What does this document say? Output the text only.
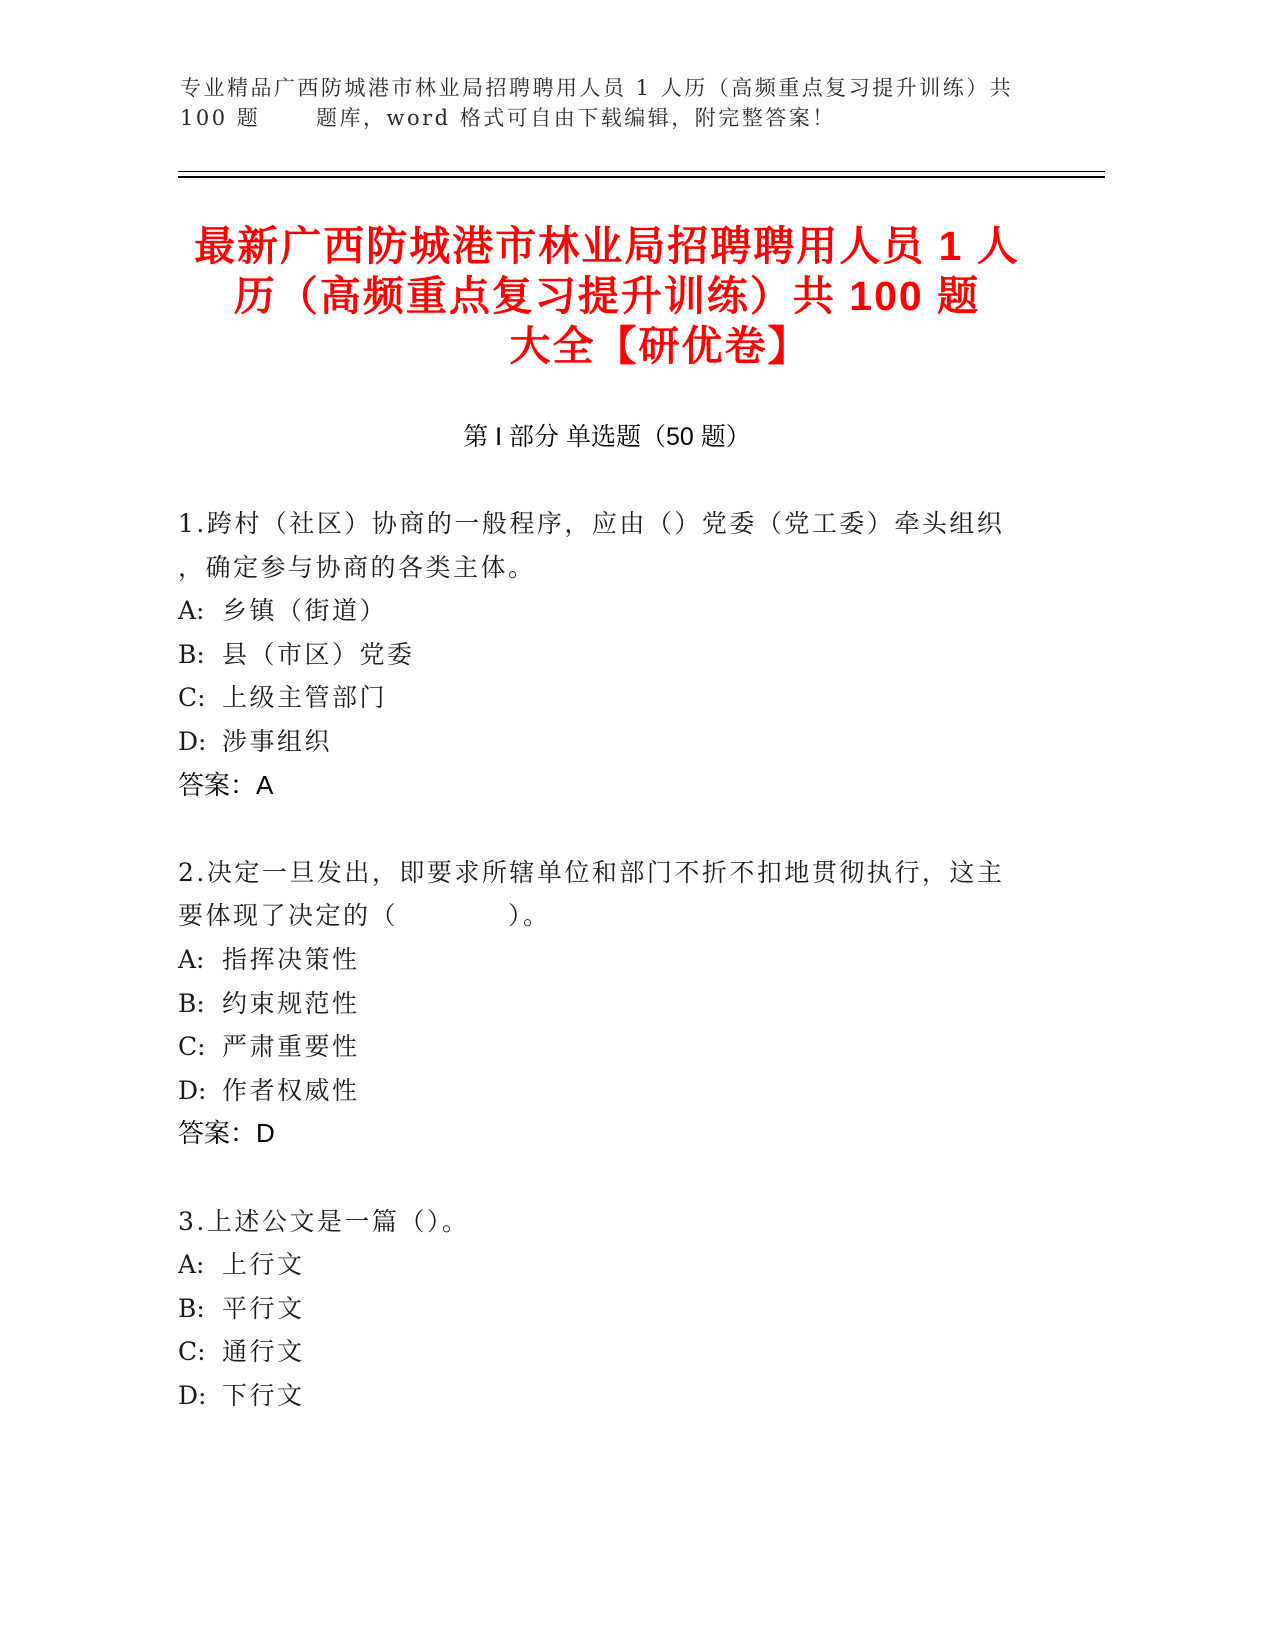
专业精品广西防城港市林业局招聘聘用人员 1 人历（高频重点复习提升训练）共
100 题	题库，word 格式可自由下载编辑，附完整答案！
最新广西防城港市林业局招聘聘用人员 1 人
历（高频重点复习提升训练）共 100 题
大全【研优卷】
第 I 部分 单选题（50 题）
1.跨村（社区）协商的一般程序，应由（）党委（党工委）牵头组织
，确定参与协商的各类主体。
A: 乡镇（街道）
B: 县（市区）党委
C: 上级主管部门
D: 涉事组织
答案：A
2.决定一旦发出，即要求所辖单位和部门不折不扣地贯彻执行，这主
要体现了决定的（　　　　）。
A: 指挥决策性
B: 约束规范性
C: 严肃重要性
D: 作者权威性
答案：D
3.上述公文是一篇（）。
A: 上行文
B: 平行文
C: 通行文
D: 下行文
